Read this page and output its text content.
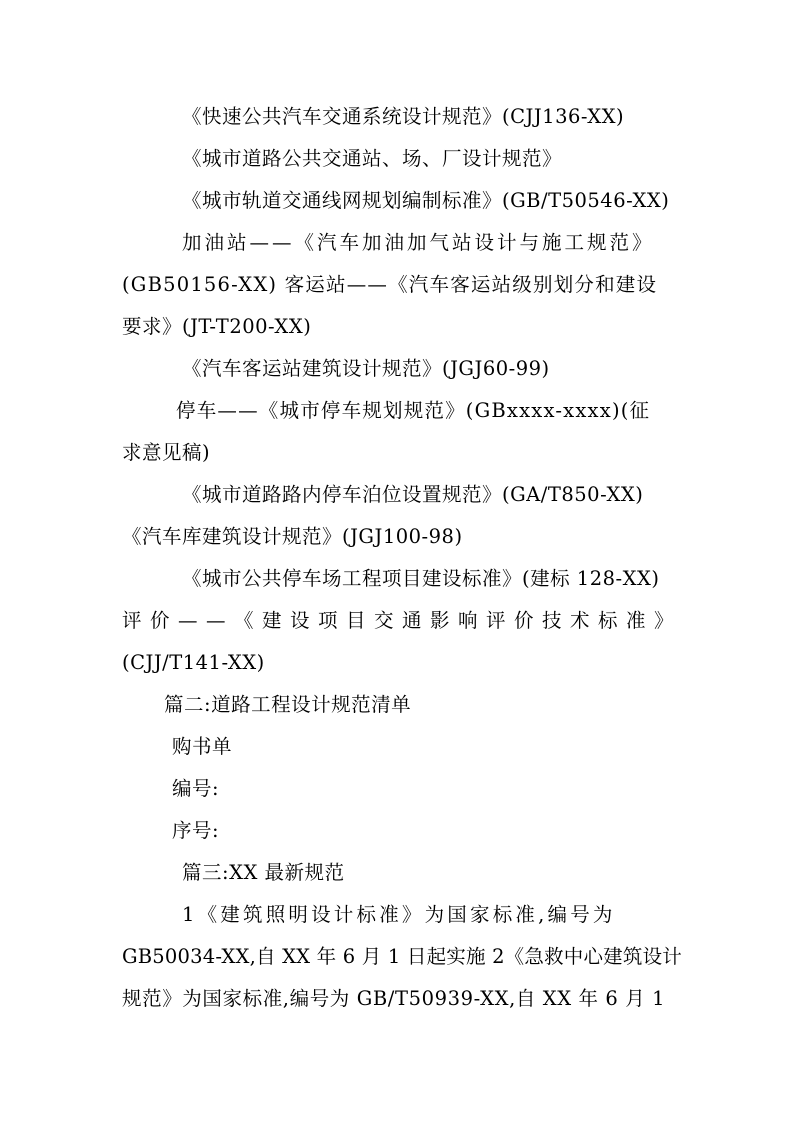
《快速公共汽车交通系统设计规范》(CJJ136-XX)
《城市道路公共交通站、场、厂设计规范》
《城市轨道交通线网规划编制标准》(GB/T50546-XX)
加油站——《汽车加油加气站设计与施工规范》
(GB50156-XX) 客运站——《汽车客运站级别划分和建设
要求》(JT-T200-XX)
《汽车客运站建筑设计规范》(JGJ60-99)
停车——《城市停车规划规范》(GBxxxx-xxxx)(征
求意见稿)
《城市道路路内停车泊位设置规范》(GA/T850-XX)
《汽车库建筑设计规范》(JGJ100-98)
《城市公共停车场工程项目建设标准》(建标 128-XX)
评价——《建设项目交通影响评价技术标准》
(CJJ/T141-XX)
篇二:道路工程设计规范清单
购书单
编号:
序号:
篇三:XX 最新规范
1《建筑照明设计标准》为国家标准,编号为
GB50034-XX,自 XX 年 6 月 1 日起实施 2《急救中心建筑设计
规范》为国家标准,编号为 GB/T50939-XX,自 XX 年 6 月 1
